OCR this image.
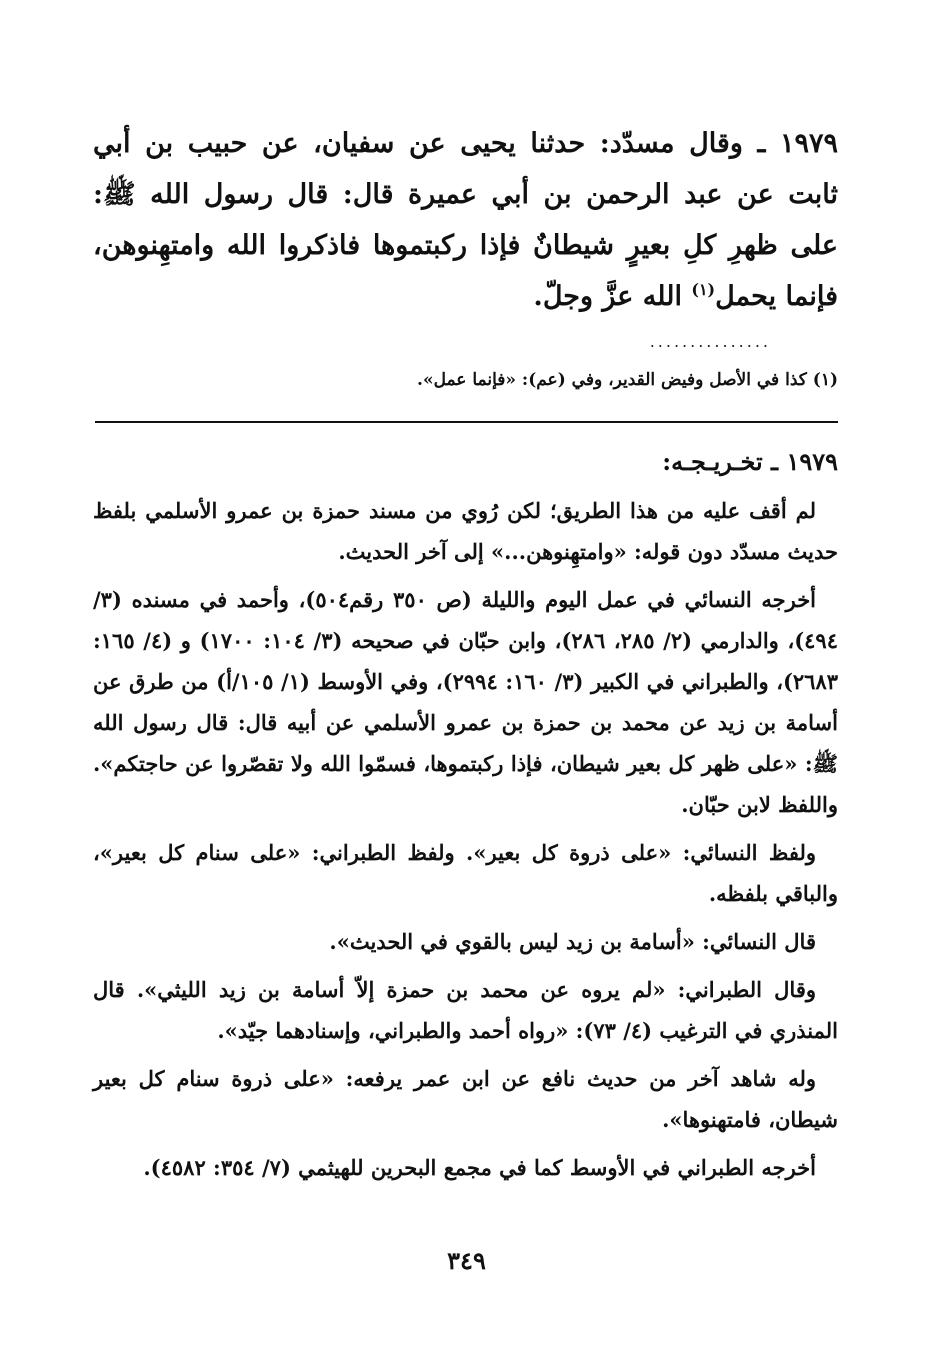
١٩٧٩ ـ وقال مسدّد: حدثنا يحيى عن سفيان، عن حبيب بن أبي ثابت عن عبد الرحمن بن أبي عميرة قال: قال رسول الله ﷺ: على ظهرِ كلِ بعيرٍ شيطانٌ فإذا ركبتموها فاذكروا الله وامتهِنوهن، فإنما يحمل$^{(١)}$ الله عزَّ وجلّ.
...............
(١) كذا في الأصل وفيض القدير، وفي (عم): «فإنما عمل».
١٩٧٩ ـ تخـريـجـه:

لم أقف عليه من هذا الطريق؛ لكن رُوي من مسند حمزة بن عمرو الأسلمي بلفظ حديث مسدّد دون قوله: «وامتهِنوهن...» إلى آخر الحديث.

أخرجه النسائي في عمل اليوم والليلة (ص ٣٥٠ رقم٥٠٤)، وأحمد في مسنده (٣/ ٤٩٤)، والدارمي (٢/ ٢٨٥، ٢٨٦)، وابن حبّان في صحيحه (٣/ ١٠٤: ١٧٠٠) و (٤/ ١٦٥: ٢٦٨٣)، والطبراني في الكبير (٣/ ١٦٠: ٢٩٩٤)، وفي الأوسط (١/ ١٠٥/أ) من طرق عن أسامة بن زيد عن محمد بن حمزة بن عمرو الأسلمي عن أبيه قال: قال رسول الله ﷺ: «على ظهر كل بعير شيطان، فإذا ركبتموها، فسمّوا الله ولا تقصّروا عن حاجتكم». واللفظ لابن حبّان.

ولفظ النسائي: «على ذروة كل بعير». ولفظ الطبراني: «على سنام كل بعير»، والباقي بلفظه.

قال النسائي: «أسامة بن زيد ليس بالقوي في الحديث».

وقال الطبراني: «لم يروه عن محمد بن حمزة إلاّ أسامة بن زيد الليثي». قال المنذري في الترغيب (٤/ ٧٣): «رواه أحمد والطبراني، وإسنادهما جيّد».

وله شاهد آخر من حديث نافع عن ابن عمر يرفعه: «على ذروة سنام كل بعير شيطان، فامتهنوها».

أخرجه الطبراني في الأوسط كما في مجمع البحرين للهيثمي (٧/ ٣٥٤: ٤٥٨٢).

٣٤٩
